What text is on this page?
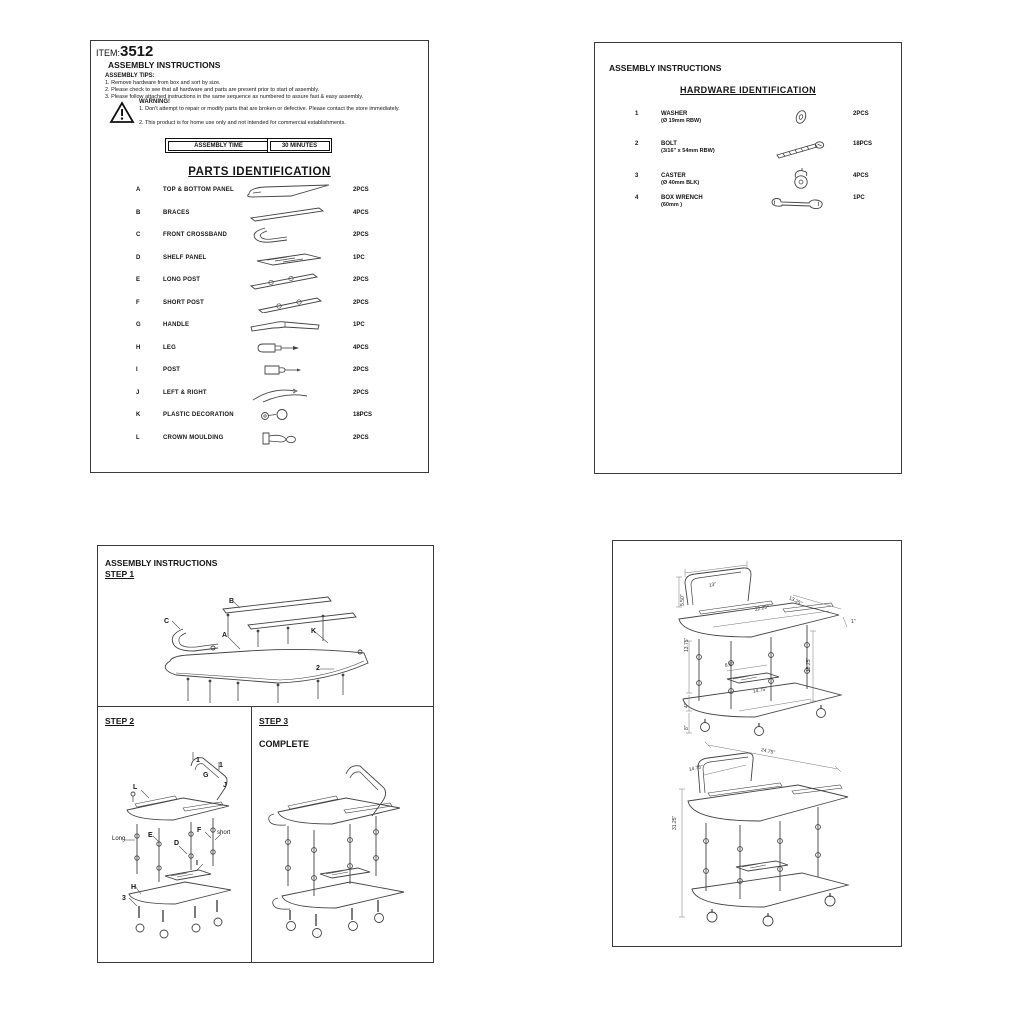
ITEM: 3512
ASSEMBLY INSTRUCTIONS
ASSEMBLY TIPS:
1. Remove hardware from box and sort by size.
2. Please check to see that all hardware and parts are present prior to start of assembly.
3. Please follow attached instructions in the same sequence as numbered to assure fast & easy assembly.
WARNING!
1. Don't attempt to repair or modify parts that are broken or defective. Please contact the store immediately.
2. This product is for home use only and not intended for commercial establishments.
ASSEMBLY TIME	30 MINUTES
PARTS IDENTIFICATION
A	TOP & BOTTOM PANEL	2PCS
B	BRACES	4PCS
C	FRONT CROSSBAND	2PCS
D	SHELF PANEL	1PC
E	LONG POST	2PCS
F	SHORT POST	2PCS
G	HANDLE	1PC
H	LEG	4PCS
I	POST	2PCS
J	LEFT & RIGHT	2PCS
K	PLASTIC DECORATION	18PCS
L	CROWN MOULDING	2PCS
ASSEMBLY INSTRUCTIONS
HARDWARE IDENTIFICATION
1	WASHER
(Ø 19mm RBW)
2PCS
2	BOLT
(3/16" x 54mm RBW)
18PCS
3	CASTER
(Ø 40mm BLK)
4PCS
4	BOX WRENCH
(60mm )
1PC
ASSEMBLY INSTRUCTIONS
STEP 1
B
C
A
K
2
STEP 2
1
1
G
J
L
Long	E
D
F	short
I
H
3
STEP 3
COMPLETE
13"
5.50"
22.25"
13.25"
1"
13.75"
8.5"
4"
14.75"
8"
18.25"
24.75"
14.75"
31.25"
